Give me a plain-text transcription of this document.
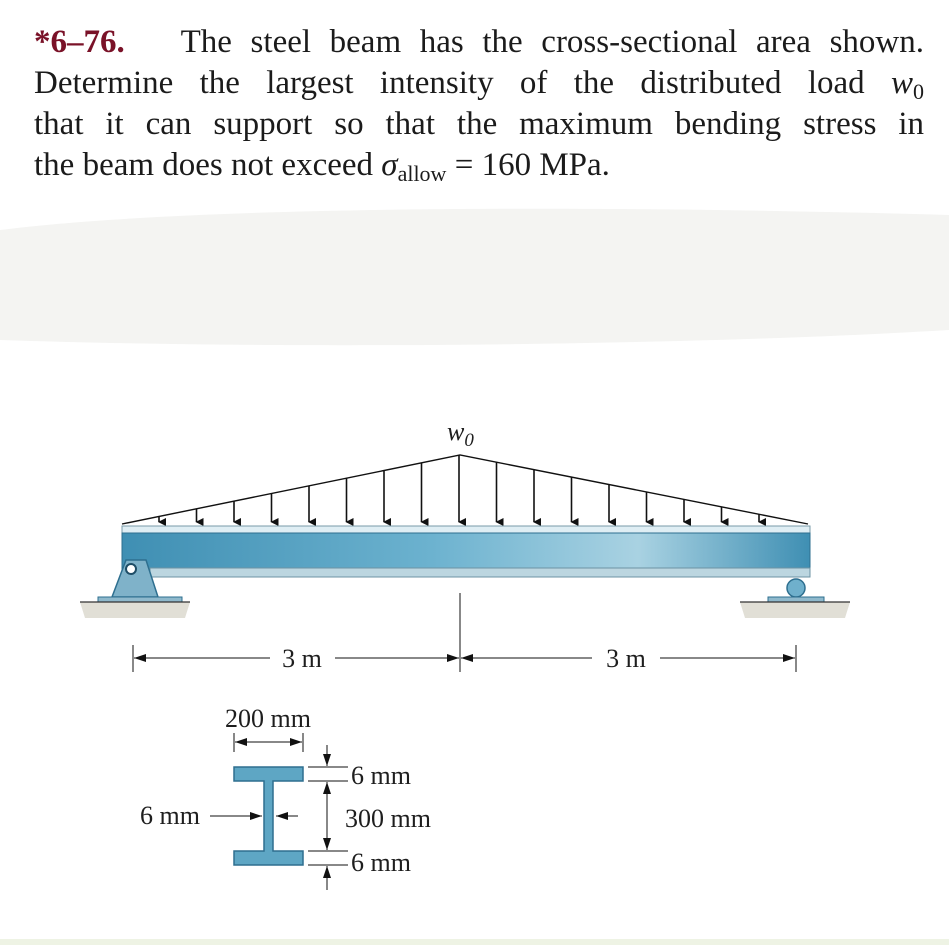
*6–76. The steel beam has the cross-sectional area shown.
Determine the largest intensity of the distributed load $w_0$
that it can support so that the maximum bending stress in
the beam does not exceed $\sigma_{allow} = 160$ MPa.
$w_0$
3 m	3 m
200 mm
6 mm
6 mm
300 mm
6 mm
